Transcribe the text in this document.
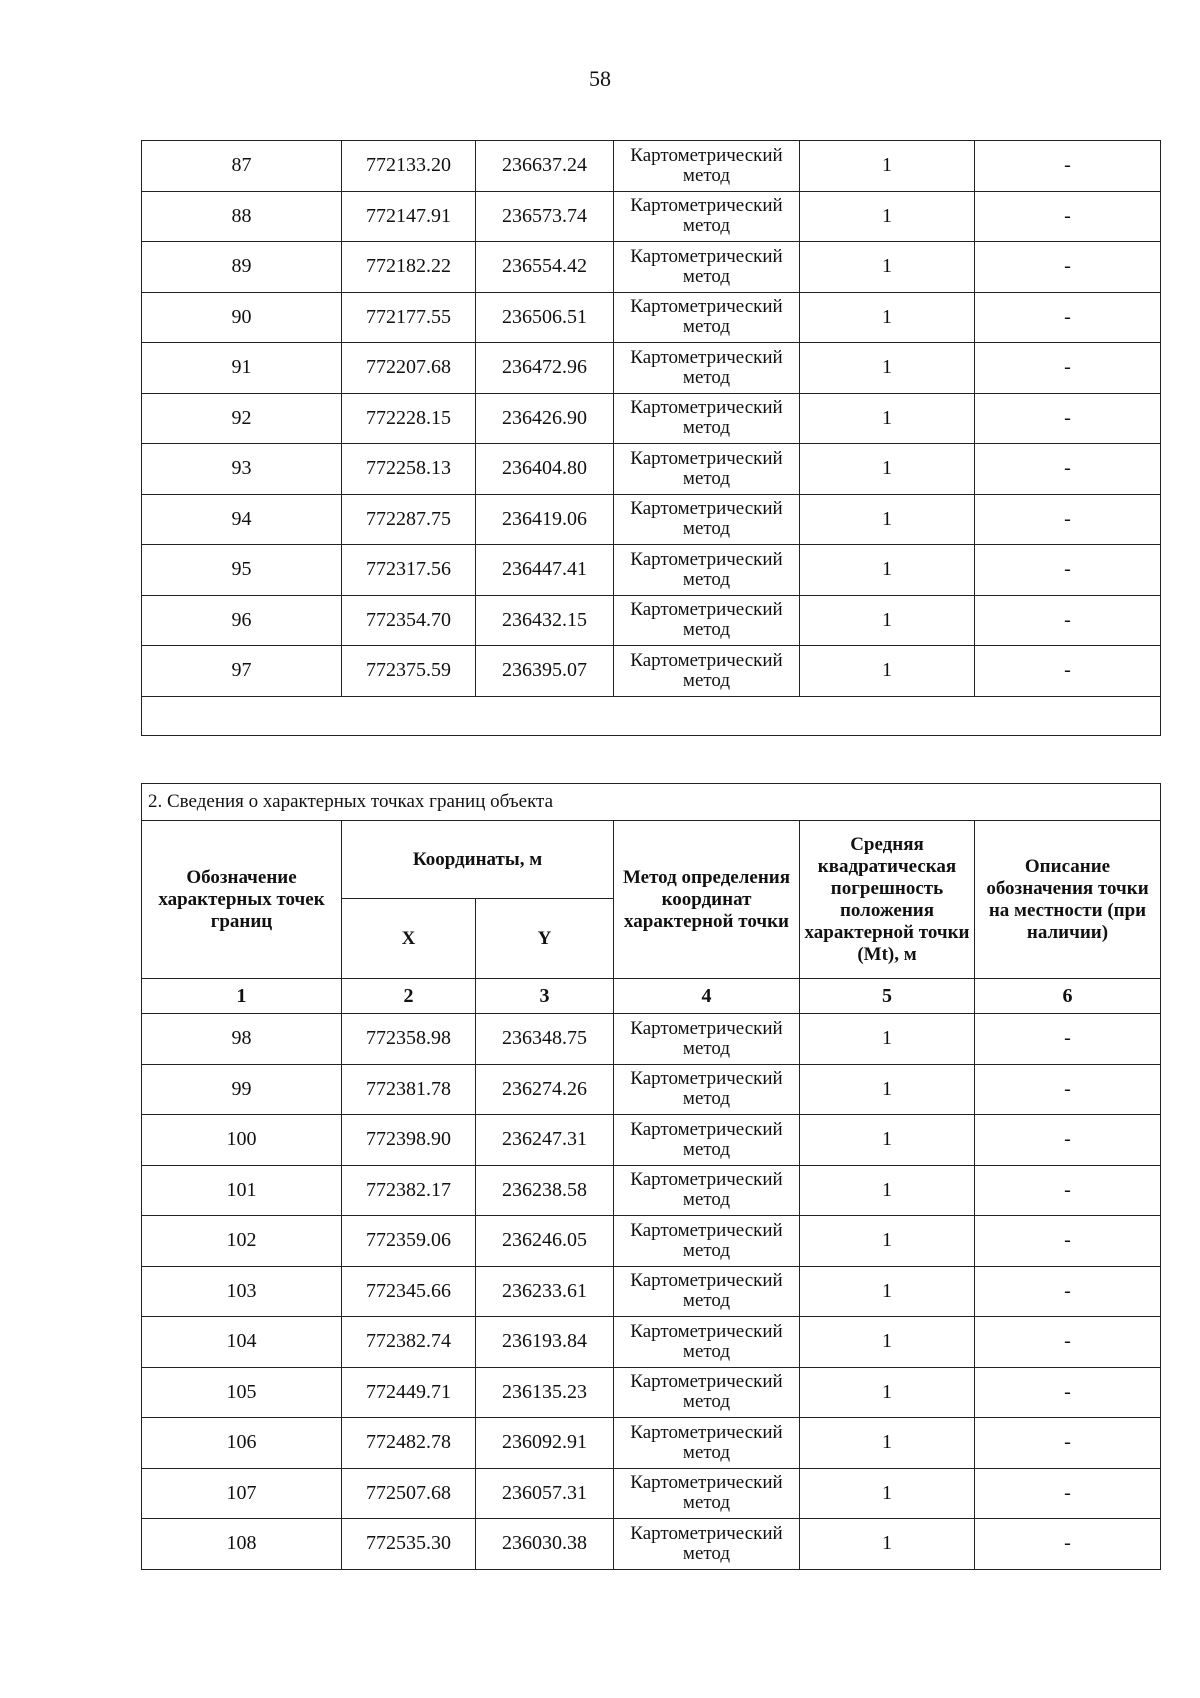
58
87	772133.20	236637.24	Картометрический метод	1	-
88	772147.91	236573.74	Картометрический метод	1	-
89	772182.22	236554.42	Картометрический метод	1	-
90	772177.55	236506.51	Картометрический метод	1	-
91	772207.68	236472.96	Картометрический метод	1	-
92	772228.15	236426.90	Картометрический метод	1	-
93	772258.13	236404.80	Картометрический метод	1	-
94	772287.75	236419.06	Картометрический метод	1	-
95	772317.56	236447.41	Картометрический метод	1	-
96	772354.70	236432.15	Картометрический метод	1	-
97	772375.59	236395.07	Картометрический метод	1	-

2. Сведения о характерных точках границ объекта					
Обозначение характерных точек границ	Координаты, м		Метод определения координат характерной точки	Средняя квадратическая погрешность положения характерной точки (Mt), м	Описание обозначения точки на местности (при наличии)
	X	Y			
1	2	3	4	5	6
98	772358.98	236348.75	Картометрический метод	1	-
99	772381.78	236274.26	Картометрический метод	1	-
100	772398.90	236247.31	Картометрический метод	1	-
101	772382.17	236238.58	Картометрический метод	1	-
102	772359.06	236246.05	Картометрический метод	1	-
103	772345.66	236233.61	Картометрический метод	1	-
104	772382.74	236193.84	Картометрический метод	1	-
105	772449.71	236135.23	Картометрический метод	1	-
106	772482.78	236092.91	Картометрический метод	1	-
107	772507.68	236057.31	Картометрический метод	1	-
108	772535.30	236030.38	Картометрический метод	1	-
